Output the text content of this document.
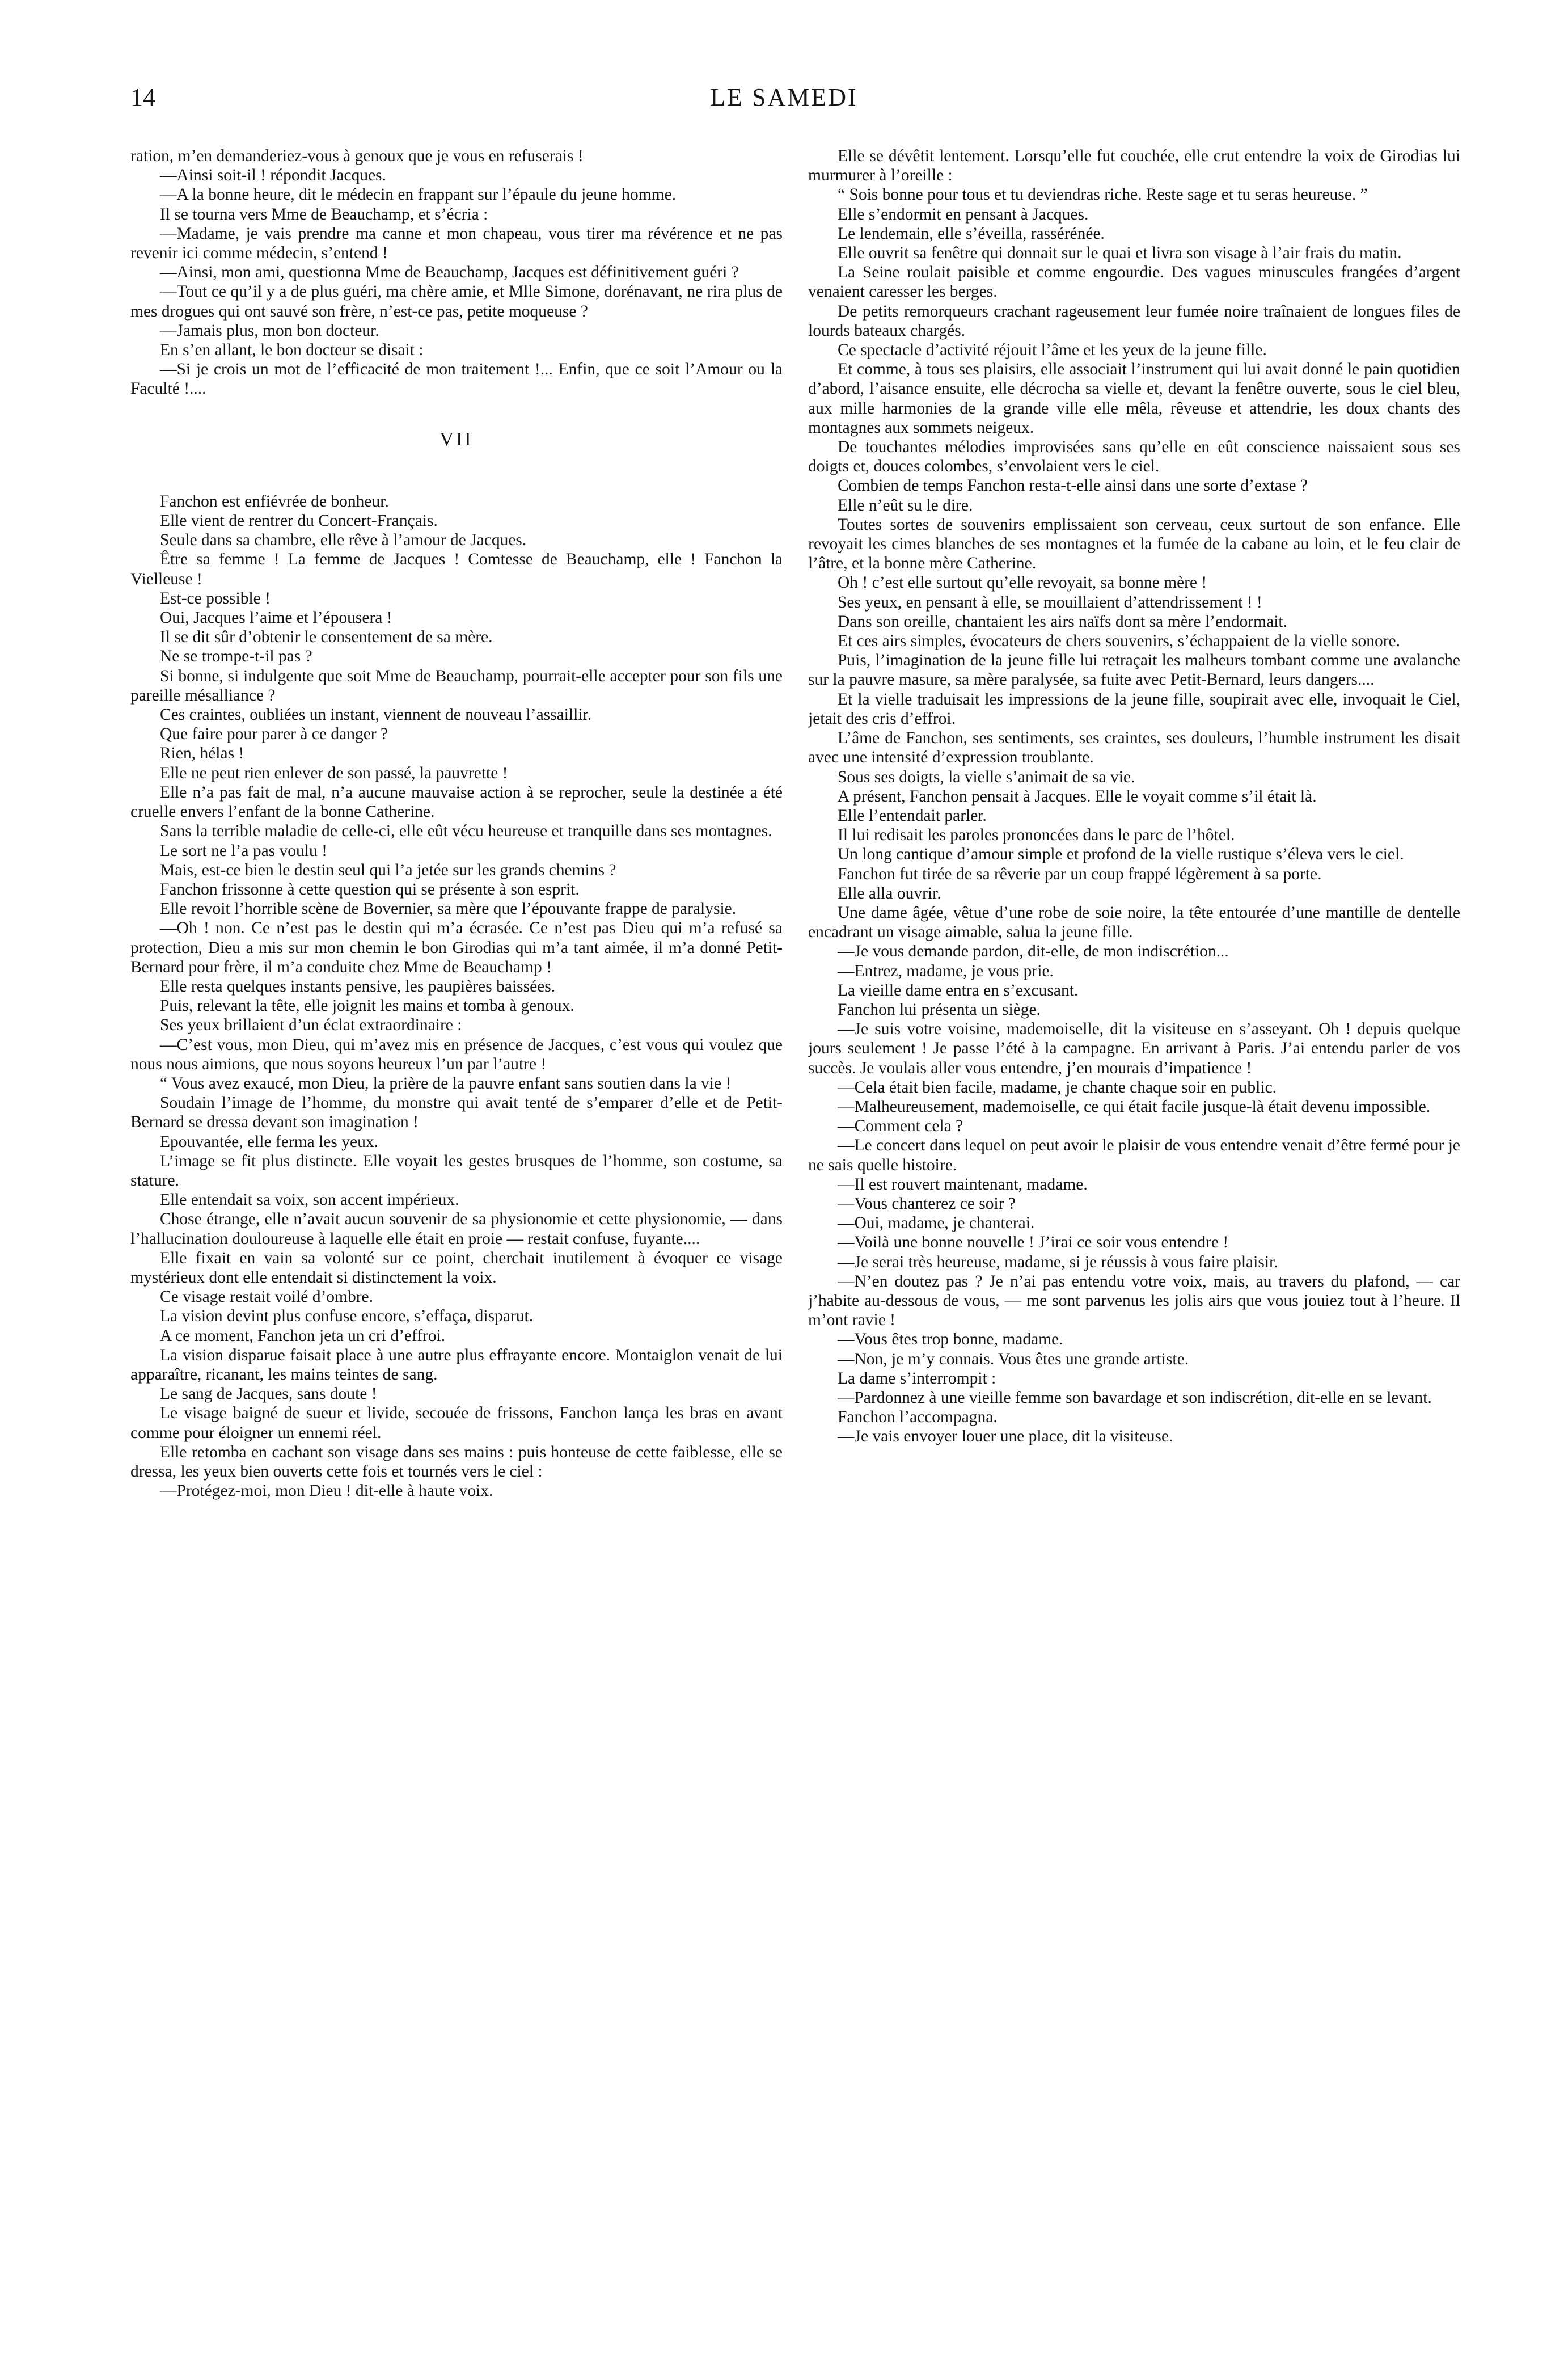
14	LE SAMEDI

ration, m’en demanderiez-vous à genoux que je vous en refuserais !

—Ainsi soit-il ! répondit Jacques.

—A la bonne heure, dit le médecin en frappant sur l’épaule du jeune homme.

Il se tourna vers Mme de Beauchamp, et s’écria :

—Madame, je vais prendre ma canne et mon chapeau, vous tirer ma révérence et ne pas revenir ici comme médecin, s’entend !

—Ainsi, mon ami, questionna Mme de Beauchamp, Jacques est définitivement guéri ?

—Tout ce qu’il y a de plus guéri, ma chère amie, et Mlle Simone, dorénavant, ne rira plus de mes drogues qui ont sauvé son frère, n’est-ce pas, petite moqueuse ?

—Jamais plus, mon bon docteur.

En s’en allant, le bon docteur se disait :

—Si je crois un mot de l’efficacité de mon traitement !... Enfin, que ce soit l’Amour ou la Faculté !....

VII

Fanchon est enfiévrée de bonheur.

Elle vient de rentrer du Concert-Français.

Seule dans sa chambre, elle rêve à l’amour de Jacques.

Être sa femme ! La femme de Jacques ! Comtesse de Beauchamp, elle ! Fanchon la Vielleuse !

Est-ce possible !

Oui, Jacques l’aime et l’épousera !

Il se dit sûr d’obtenir le consentement de sa mère.

Ne se trompe-t-il pas ?

Si bonne, si indulgente que soit Mme de Beauchamp, pourrait-elle accepter pour son fils une pareille mésalliance ?

Ces craintes, oubliées un instant, viennent de nouveau l’assaillir.

Que faire pour parer à ce danger ?

Rien, hélas !

Elle ne peut rien enlever de son passé, la pauvrette !

Elle n’a pas fait de mal, n’a aucune mauvaise action à se reprocher, seule la destinée a été cruelle envers l’enfant de la bonne Catherine.

Sans la terrible maladie de celle-ci, elle eût vécu heureuse et tranquille dans ses montagnes.

Le sort ne l’a pas voulu !

Mais, est-ce bien le destin seul qui l’a jetée sur les grands chemins ?

Fanchon frissonne à cette question qui se présente à son esprit.

Elle revoit l’horrible scène de Bovernier, sa mère que l’épouvante frappe de paralysie.

—Oh ! non. Ce n’est pas le destin qui m’a écrasée. Ce n’est pas Dieu qui m’a refusé sa protection, Dieu a mis sur mon chemin le bon Girodias qui m’a tant aimée, il m’a donné Petit-Bernard pour frère, il m’a conduite chez Mme de Beauchamp !

Elle resta quelques instants pensive, les paupières baissées.

Puis, relevant la tête, elle joignit les mains et tomba à genoux.

Ses yeux brillaient d’un éclat extraordinaire :

—C’est vous, mon Dieu, qui m’avez mis en présence de Jacques, c’est vous qui voulez que nous nous aimions, que nous soyons heureux l’un par l’autre !

“ Vous avez exaucé, mon Dieu, la prière de la pauvre enfant sans soutien dans la vie !

Soudain l’image de l’homme, du monstre qui avait tenté de s’emparer d’elle et de Petit-Bernard se dressa devant son imagination !

Epouvantée, elle ferma les yeux.

L’image se fit plus distincte. Elle voyait les gestes brusques de l’homme, son costume, sa stature.

Elle entendait sa voix, son accent impérieux.

Chose étrange, elle n’avait aucun souvenir de sa physionomie et cette physionomie, — dans l’hallucination douloureuse à laquelle elle était en proie — restait confuse, fuyante....

Elle fixait en vain sa volonté sur ce point, cherchait inutilement à évoquer ce visage mystérieux dont elle entendait si distinctement la voix.

Ce visage restait voilé d’ombre.

La vision devint plus confuse encore, s’effaça, disparut.

A ce moment, Fanchon jeta un cri d’effroi.

La vision disparue faisait place à une autre plus effrayante encore. Montaiglon venait de lui apparaître, ricanant, les mains teintes de sang.

Le sang de Jacques, sans doute !

Le visage baigné de sueur et livide, secouée de frissons, Fanchon lança les bras en avant comme pour éloigner un ennemi réel.

Elle retomba en cachant son visage dans ses mains : puis honteuse de cette faiblesse, elle se dressa, les yeux bien ouverts cette fois et tournés vers le ciel :

—Protégez-moi, mon Dieu ! dit-elle à haute voix.

Elle se dévêtit lentement. Lorsqu’elle fut couchée, elle crut entendre la voix de Girodias lui murmurer à l’oreille :

“ Sois bonne pour tous et tu deviendras riche. Reste sage et tu seras heureuse. ”

Elle s’endormit en pensant à Jacques.

Le lendemain, elle s’éveilla, rassérénée.

Elle ouvrit sa fenêtre qui donnait sur le quai et livra son visage à l’air frais du matin.

La Seine roulait paisible et comme engourdie. Des vagues minuscules frangées d’argent venaient caresser les berges.

De petits remorqueurs crachant rageusement leur fumée noire traînaient de longues files de lourds bateaux chargés.

Ce spectacle d’activité réjouit l’âme et les yeux de la jeune fille.

Et comme, à tous ses plaisirs, elle associait l’instrument qui lui avait donné le pain quotidien d’abord, l’aisance ensuite, elle décrocha sa vielle et, devant la fenêtre ouverte, sous le ciel bleu, aux mille harmonies de la grande ville elle mêla, rêveuse et attendrie, les doux chants des montagnes aux sommets neigeux.

De touchantes mélodies improvisées sans qu’elle en eût conscience naissaient sous ses doigts et, douces colombes, s’envolaient vers le ciel.

Combien de temps Fanchon resta-t-elle ainsi dans une sorte d’extase ?

Elle n’eût su le dire.

Toutes sortes de souvenirs emplissaient son cerveau, ceux surtout de son enfance. Elle revoyait les cimes blanches de ses montagnes et la fumée de la cabane au loin, et le feu clair de l’âtre, et la bonne mère Catherine.

Oh ! c’est elle surtout qu’elle revoyait, sa bonne mère !

Ses yeux, en pensant à elle, se mouillaient d’attendrissement ! !

Dans son oreille, chantaient les airs naïfs dont sa mère l’endormait.

Et ces airs simples, évocateurs de chers souvenirs, s’échappaient de la vielle sonore.

Puis, l’imagination de la jeune fille lui retraçait les malheurs tombant comme une avalanche sur la pauvre masure, sa mère paralysée, sa fuite avec Petit-Bernard, leurs dangers....

Et la vielle traduisait les impressions de la jeune fille, soupirait avec elle, invoquait le Ciel, jetait des cris d’effroi.

L’âme de Fanchon, ses sentiments, ses craintes, ses douleurs, l’humble instrument les disait avec une intensité d’expression troublante.

Sous ses doigts, la vielle s’animait de sa vie.

A présent, Fanchon pensait à Jacques. Elle le voyait comme s’il était là.

Elle l’entendait parler.

Il lui redisait les paroles prononcées dans le parc de l’hôtel.

Un long cantique d’amour simple et profond de la vielle rustique s’éleva vers le ciel.

Fanchon fut tirée de sa rêverie par un coup frappé légèrement à sa porte.

Elle alla ouvrir.

Une dame âgée, vêtue d’une robe de soie noire, la tête entourée d’une mantille de dentelle encadrant un visage aimable, salua la jeune fille.

—Je vous demande pardon, dit-elle, de mon indiscrétion...

—Entrez, madame, je vous prie.

La vieille dame entra en s’excusant.

Fanchon lui présenta un siège.

—Je suis votre voisine, mademoiselle, dit la visiteuse en s’asseyant. Oh ! depuis quelque jours seulement ! Je passe l’été à la campagne. En arrivant à Paris. J’ai entendu parler de vos succès. Je voulais aller vous entendre, j’en mourais d’impatience !

—Cela était bien facile, madame, je chante chaque soir en public.

—Malheureusement, mademoiselle, ce qui était facile jusque-là était devenu impossible.

—Comment cela ?

—Le concert dans lequel on peut avoir le plaisir de vous entendre venait d’être fermé pour je ne sais quelle histoire.

—Il est rouvert maintenant, madame.

—Vous chanterez ce soir ?

—Oui, madame, je chanterai.

—Voilà une bonne nouvelle ! J’irai ce soir vous entendre !

—Je serai très heureuse, madame, si je réussis à vous faire plaisir.

—N’en doutez pas ? Je n’ai pas entendu votre voix, mais, au travers du plafond, — car j’habite au-dessous de vous, — me sont parvenus les jolis airs que vous jouiez tout à l’heure. Il m’ont ravie !

—Vous êtes trop bonne, madame.

—Non, je m’y connais. Vous êtes une grande artiste.

La dame s’interrompit :

—Pardonnez à une vieille femme son bavardage et son indiscrétion, dit-elle en se levant.

Fanchon l’accompagna.

—Je vais envoyer louer une place, dit la visiteuse.
